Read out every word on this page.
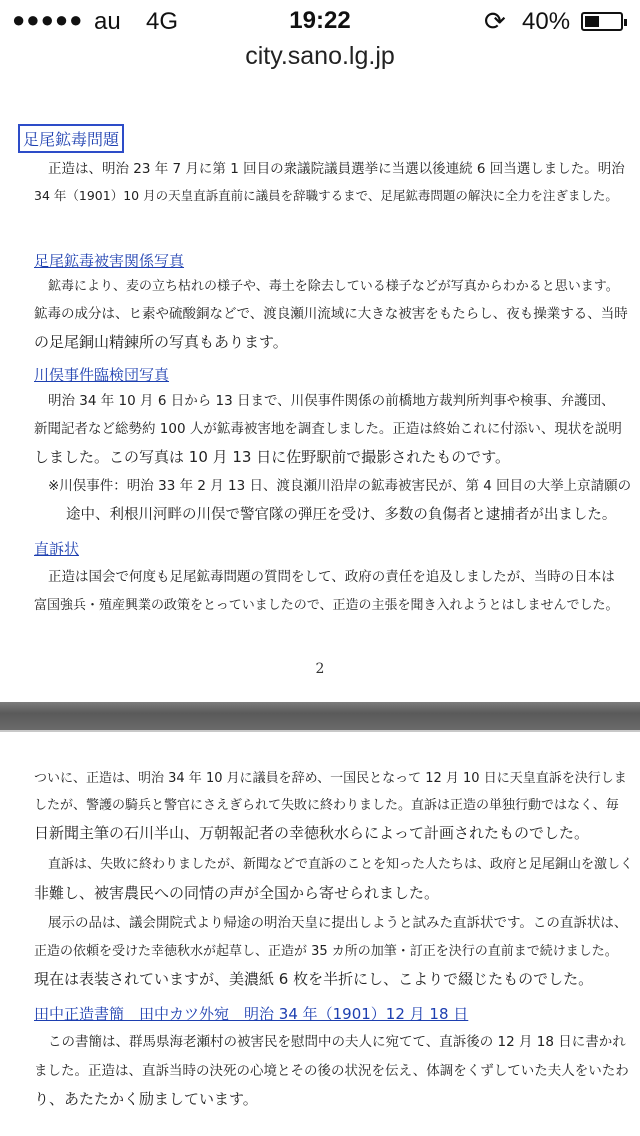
●●●●● au 4G	19:22	⟳ 40%
city.sano.lg.jp
足尾鉱毒問題
正造は、明治 23 年 7 月に第 1 回目の衆議院議員選挙に当選以後連続 6 回当選しました。明治
34 年（1901）10 月の天皇直訴直前に議員を辞職するまで、足尾鉱毒問題の解決に全力を注ぎました。
足尾鉱毒被害関係写真
鉱毒により、麦の立ち枯れの様子や、毒土を除去している様子などが写真からわかると思います。
鉱毒の成分は、ヒ素や硫酸銅などで、渡良瀬川流域に大きな被害をもたらし、夜も操業する、当時
の足尾銅山精錬所の写真もあります。
川俣事件臨検団写真
明治 34 年 10 月 6 日から 13 日まで、川俣事件関係の前橋地方裁判所判事や検事、弁護団、
新聞記者など総勢約 100 人が鉱毒被害地を調査しました。正造は終始これに付添い、現状を説明
しました。この写真は 10 月 13 日に佐野駅前で撮影されたものです。
※川俣事件：明治 33 年 2 月 13 日、渡良瀬川沿岸の鉱毒被害民が、第 4 回目の大挙上京請願の
途中、利根川河畔の川俣で警官隊の弾圧を受け、多数の負傷者と逮捕者が出ました。
直訴状
正造は国会で何度も足尾鉱毒問題の質問をして、政府の責任を追及しましたが、当時の日本は
富国強兵・殖産興業の政策をとっていましたので、正造の主張を聞き入れようとはしませんでした。
2
ついに、正造は、明治 34 年 10 月に議員を辞め、一国民となって 12 月 10 日に天皇直訴を決行しま
したが、警護の騎兵と警官にさえぎられて失敗に終わりました。直訴は正造の単独行動ではなく、毎
日新聞主筆の石川半山、万朝報記者の幸徳秋水らによって計画されたものでした。
直訴は、失敗に終わりましたが、新聞などで直訴のことを知った人たちは、政府と足尾銅山を激しく
非難し、被害農民への同情の声が全国から寄せられました。
展示の品は、議会開院式より帰途の明治天皇に提出しようと試みた直訴状です。この直訴状は、
正造の依頼を受けた幸徳秋水が起草し、正造が 35 カ所の加筆・訂正を決行の直前まで続けました。
現在は表装されていますが、美濃紙 6 枚を半折にし、こよりで綴じたものでした。
田中正造書簡　田中カツ外宛　明治 34 年（1901）12 月 18 日
この書簡は、群馬県海老瀬村の被害民を慰問中の夫人に宛てて、直訴後の 12 月 18 日に書かれ
ました。正造は、直訴当時の決死の心境とその後の状況を伝え、体調をくずしていた夫人をいたわ
り、あたたかく励ましています。
